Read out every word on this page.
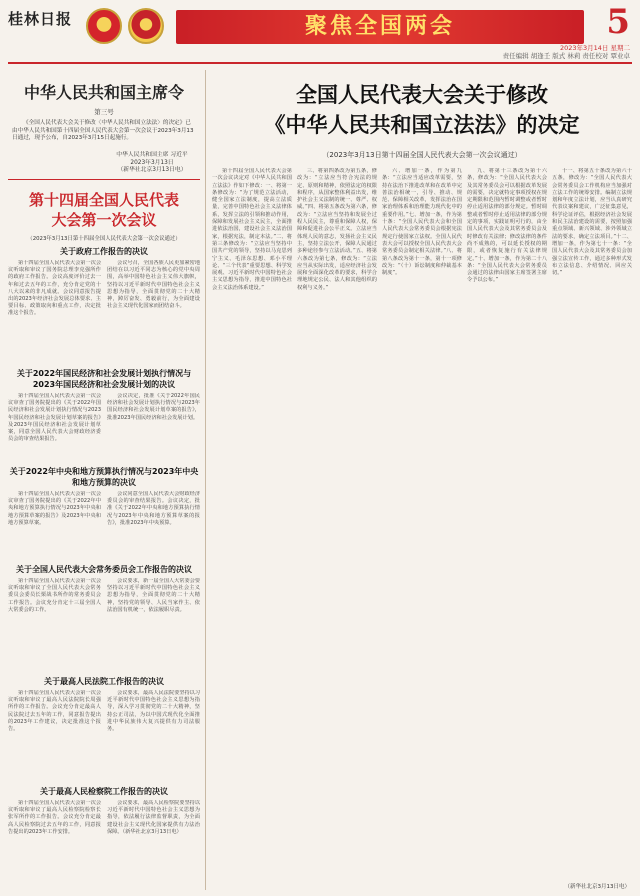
桂林日报	聚焦全国两会	5
2023年3月14日 星期二
责任编辑 胡逢壬 版式 林莉 责任校对 覃业卓
中华人民共和国主席令
第三号
《全国人民代表大会关于修改〈中华人民共和国立法法〉的决定》已由中华人民共和国第十四届全国人民代表大会第一次会议于2023年3月13日通过，现予公布，自2023年3月15日起施行。
中华人民共和国主席 习近平
2023年3月13日
（新华社北京3月13日电）
第十四届全国人民代表
大会第一次会议
（2023年3月13日第十四届全国人民代表大会第一次会议通过）
关于政府工作报告的决议
第十四届全国人民代表大会第一次会议听取和审议了国务院总理李克强所作的政府工作报告。会议高度评价过去一年和过去五年的工作，充分肯定党的十八大以来的非凡成就。会议同意报告提出的2023年经济社会发展总体要求、主要目标、政策取向和重点工作，决定批准这个报告。
会议号召，全国各族人民更加紧密地团结在以习近平同志为核心的党中央周围，高举中国特色社会主义伟大旗帜，坚持以习近平新时代中国特色社会主义思想为指导，全面贯彻党的二十大精神，踔厉奋发、勇毅前行，为全面建设社会主义现代化国家而团结奋斗。
关于2022年国民经济和社会发展计划执行情况与2023年国民经济和社会发展计划的决议
第十四届全国人民代表大会第一次会议审查了国务院提出的《关于2022年国民经济和社会发展计划执行情况与2023年国民经济和社会发展计划草案的报告》及2023年国民经济和社会发展计划草案，同意全国人民代表大会财政经济委员会的审查结果报告。
会议决定，批准《关于2022年国民经济和社会发展计划执行情况与2023年国民经济和社会发展计划草案的报告》，批准2023年国民经济和社会发展计划。
关于2022年中央和地方预算执行情况与2023年中央和地方预算的决议
第十四届全国人民代表大会第一次会议审查了国务院提出的《关于2022年中央和地方预算执行情况与2023年中央和地方预算草案的报告》及2023年中央和地方预算草案。
会议同意全国人民代表大会财政经济委员会的审查结果报告。会议决定，批准《关于2022年中央和地方预算执行情况与2023年中央和地方预算草案的报告》，批准2023年中央预算。
关于全国人民代表大会常务委员会工作报告的决议
第十四届全国人民代表大会第一次会议听取和审议了全国人民代表大会常务委员会委员长栗战书所作的常务委员会工作报告。会议充分肯定十三届全国人大常委会的工作。
会议要求，新一届全国人大常委会要坚持以习近平新时代中国特色社会主义思想为指导，全面贯彻党的二十大精神，坚持党的领导、人民当家作主、依法治国有机统一，依法履职尽责。
关于最高人民法院工作报告的决议
第十四届全国人民代表大会第一次会议听取和审议了最高人民法院院长周强所作的工作报告。会议充分肯定最高人民法院过去五年的工作，同意报告提出的2023年工作建议，决定批准这个报告。
会议要求，最高人民法院要坚持以习近平新时代中国特色社会主义思想为指导，深入学习贯彻党的二十大精神，坚持公正司法，为以中国式现代化全面推进中华民族伟大复兴提供有力司法服务。
关于最高人民检察院工作报告的决议
第十四届全国人民代表大会第一次会议听取和审议了最高人民检察院检察长张军所作的工作报告。会议充分肯定最高人民检察院过去五年的工作，同意报告提出的2023年工作安排。
会议要求，最高人民检察院要坚持以习近平新时代中国特色社会主义思想为指导，依法履行法律监督职责，为全面建设社会主义现代化国家提供有力法治保障。（新华社北京3月13日电）
全国人民代表大会关于修改
《中华人民共和国立法法》的决定
（2023年3月13日第十四届全国人民代表大会第一次会议通过）
第十四届全国人民代表大会第一次会议决定对《中华人民共和国立法法》作如下修改：一、将第一条修改为：“为了规范立法活动，健全国家立法制度，提高立法质量，完善中国特色社会主义法律体系，发挥立法的引领和推动作用，保障和发展社会主义民主，全面推进依法治国，建设社会主义法治国家，根据宪法，制定本法。”二、将第三条修改为：“立法应当坚持中国共产党的领导，坚持以马克思列宁主义、毛泽东思想、邓小平理论、“三个代表”重要思想、科学发展观、习近平新时代中国特色社会主义思想为指导，推进中国特色社会主义法治体系建设。”
三、将第四条改为第五条，修改为：“立法应当符合宪法的规定、原则和精神，依照法定的权限和程序，从国家整体利益出发，维护社会主义法制的统一、尊严、权威。”四、将第五条改为第六条，修改为：“立法应当坚持和发展全过程人民民主，尊重和保障人权，保障和促进社会公平正义。立法应当体现人民的意志，发扬社会主义民主，坚持立法公开，保障人民通过多种途径参与立法活动。”五、将第六条改为第七条，修改为：“立法应当从实际出发，适应经济社会发展和全面深化改革的要求，科学合理地规定公民、法人和其他组织的权利与义务。”
六、增加一条，作为第九条：“立法应当适应改革需要，坚持在法治下推进改革和在改革中完善法治相统一，引导、推动、规范、保障相关改革，发挥法治在国家治理体系和治理能力现代化中的重要作用。”七、增加一条，作为第十条：“全国人民代表大会和全国人民代表大会常务委员会根据宪法规定行使国家立法权。全国人民代表大会可以授权全国人民代表大会常务委员会制定相关法律。”八、将第八条改为第十一条，第十一项修改为：“（十）诉讼制度和仲裁基本制度”。
九、将第十三条改为第十六条，修改为：“全国人民代表大会及其常务委员会可以根据改革发展的需要，决定就特定事项授权在规定期限和范围内暂时调整或者暂时停止适用法律的部分规定。暂时调整或者暂时停止适用法律的部分规定的事项，实践证明可行的，由全国人民代表大会及其常务委员会及时修改有关法律；修改法律的条件尚不成熟的，可以延长授权的期限，或者恢复施行有关法律规定。”十、增加一条，作为第二十八条：“全国人民代表大会常务委员会通过的法律由国家主席签署主席令予以公布。”
十一、将第五十条改为第六十五条，修改为：“全国人民代表大会常务委员会工作机构应当加强对立法工作的统筹安排。编制立法规划和年度立法计划，应当认真研究代表议案和建议，广泛征集意见，科学论证评估，根据经济社会发展和民主法治建设的需要，按照加强重点领域、新兴领域、涉外领域立法的要求，确定立法项目。”十二、增加一条，作为第七十一条：“全国人民代表大会及其常务委员会加强立法宣传工作，通过多种形式发布立法信息、介绍情况、回应关切。”
（新华社北京3月13日电）
